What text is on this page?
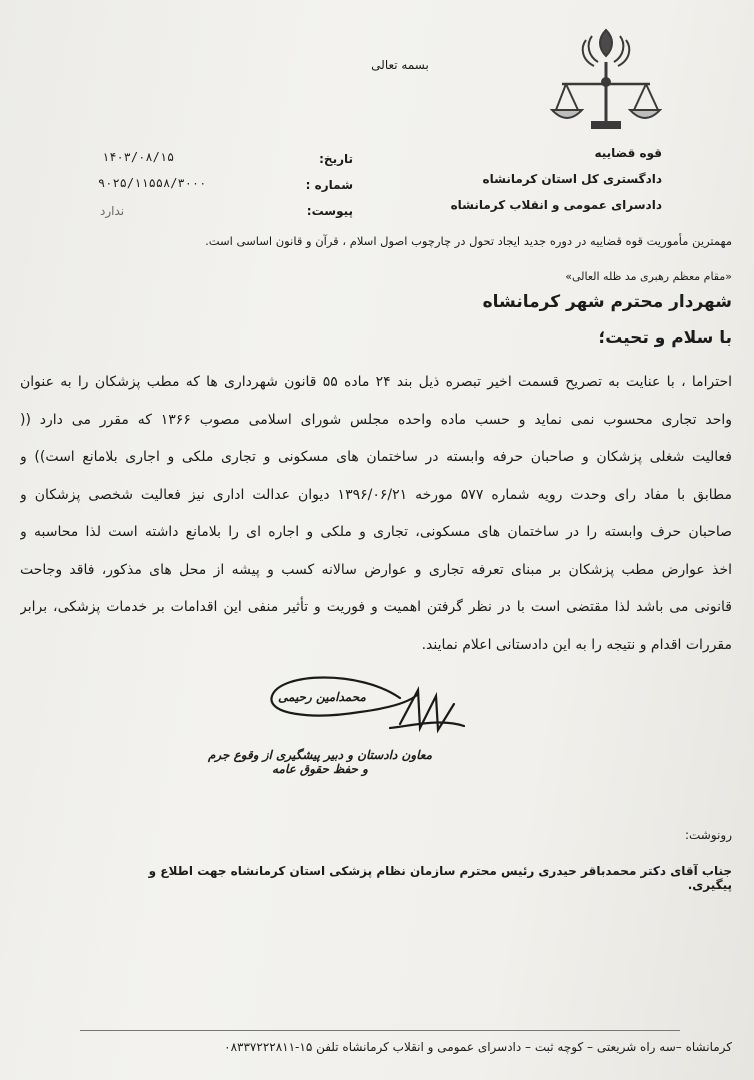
بسمه تعالی
قوه قضاییه
دادگستری کل استان کرمانشاه
دادسرای عمومی و انقلاب کرمانشاه
تاریخ:
۱۴۰۳/۰۸/۱۵
شماره :
۹۰۲۵/۱۱۵۵۸/۳۰۰۰
پیوست:
ندارد
مهمترین مأموریت قوه قضاییه در دوره جدید ایجاد تحول در چارچوب اصول اسلام ، قرآن و قانون اساسی است.
«مقام معظم رهبری مد ظله العالی»
شهردار محترم شهر کرمانشاه
با سلام و تحیت؛
احتراما ، با عنایت به تصریح قسمت اخیر تبصره ذیل بند ۲۴ ماده ۵۵ قانون شهرداری ها که مطب پزشکان را به عنوان
واحد تجاری محسوب نمی نماید و حسب ماده واحده مجلس شورای اسلامی مصوب ۱۳۶۶ که مقرر می دارد ((
فعالیت شغلی پزشکان و صاحبان حرفه وابسته در ساختمان های مسکونی و تجاری ملکی و اجاری بلامانع است)) و
مطابق با مفاد رای وحدت رویه شماره ۵۷۷ مورخه ۱۳۹۶/۰۶/۲۱ دیوان عدالت اداری نیز فعالیت شخصی پزشکان و
صاحبان حرف وابسته را در ساختمان های مسکونی، تجاری و ملکی و اجاره ای را بلامانع داشته است لذا محاسبه و
اخذ عوارض مطب پزشکان بر مبنای تعرفه تجاری و عوارض سالانه کسب و پیشه از محل های مذکور، فاقد وجاحت
قانونی می باشد لذا مقتضی است با در نظر گرفتن اهمیت و فوریت و تأثیر منفی این اقدامات بر خدمات پزشکی، برابر
مقررات اقدام و نتیجه را به این دادستانی اعلام نمایند.
محمدامین رحیمی
معاون دادستان و دبیر پیشگیری از وقوع جرم و حفظ حقوق عامه
رونوشت:
جناب آقای دکتر محمدباقر حیدری رئیس محترم سازمان نظام پزشکی استان کرمانشاه جهت اطلاع و پیگیری.
کرمانشاه –سه راه شریعتی – کوچه ثبت – دادسرای عمومی و انقلاب کرمانشاه تلفن ۱۵-۰۸۳۳۷۲۲۲۸۱۱
